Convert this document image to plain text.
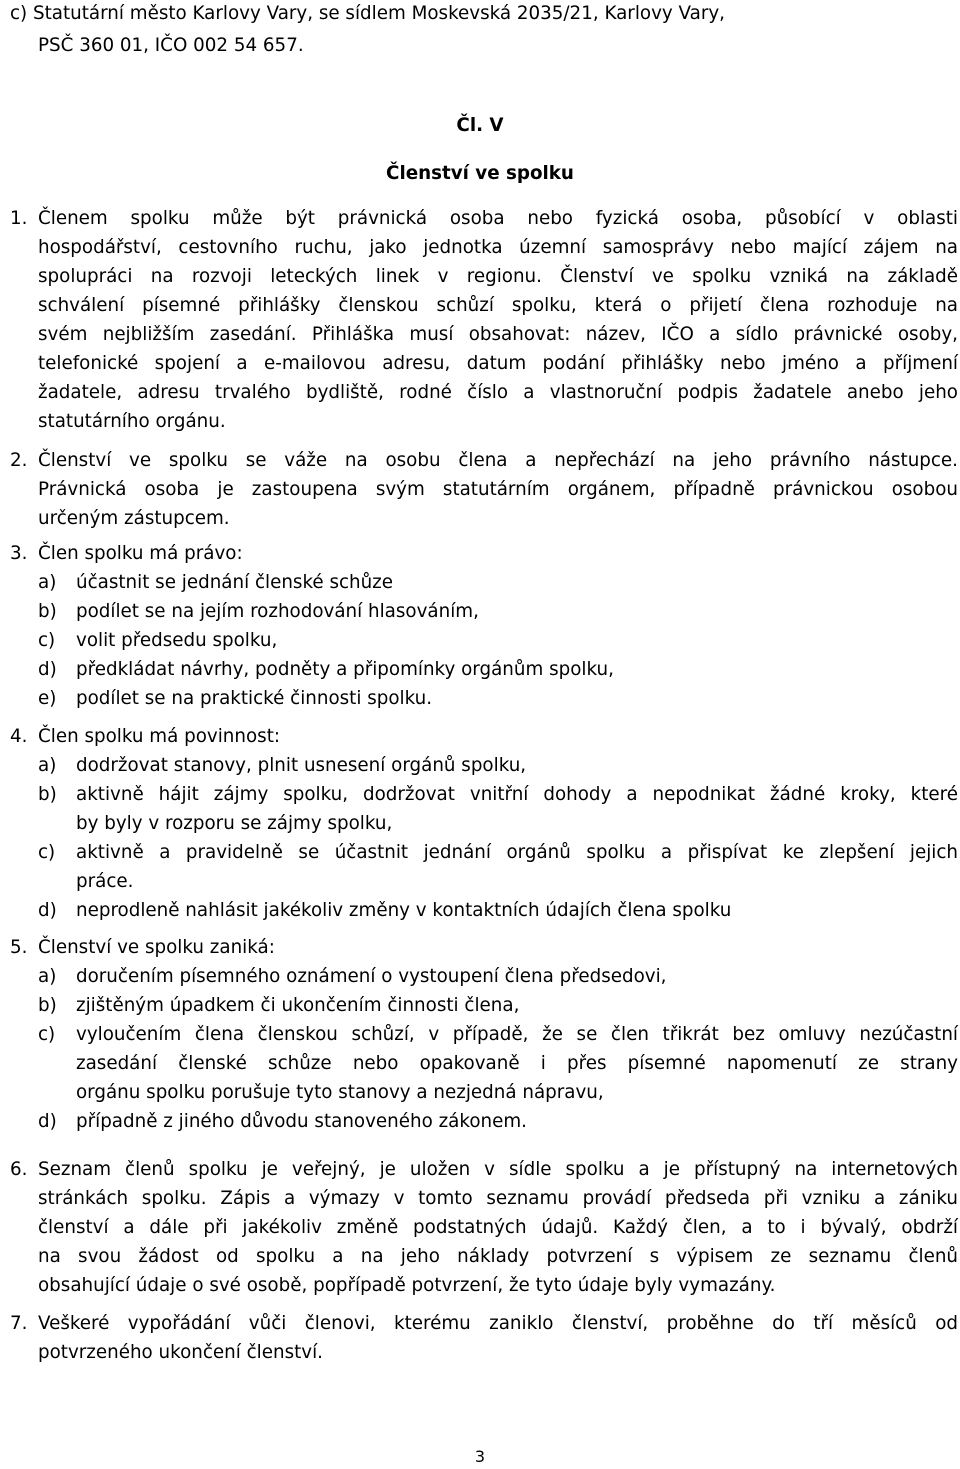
c) Statutární město Karlovy Vary, se sídlem Moskevská 2035/21, Karlovy Vary,
PSČ 360 01, IČO 002 54 657.
Čl. V
Členství ve spolku
1. Členem spolku může být právnická osoba nebo fyzická osoba, působící v oblasti
hospodářství, cestovního ruchu, jako jednotka územní samosprávy nebo mající zájem na
spolupráci na rozvoji leteckých linek v regionu. Členství ve spolku vzniká na základě
schválení písemné přihlášky členskou schůzí spolku, která o přijetí člena rozhoduje na
svém nejbližším zasedání. Přihláška musí obsahovat: název, IČO a sídlo právnické osoby,
telefonické spojení a e-mailovou adresu, datum podání přihlášky nebo jméno a příjmení
žadatele, adresu trvalého bydliště, rodné číslo a vlastnoruční podpis žadatele anebo jeho
statutárního orgánu.
2. Členství ve spolku se váže na osobu člena a nepřechází na jeho právního nástupce.
Právnická osoba je zastoupena svým statutárním orgánem, případně právnickou osobou
určeným zástupcem.
3. Člen spolku má právo:
a) účastnit se jednání členské schůze
b) podílet se na jejím rozhodování hlasováním,
c) volit předsedu spolku,
d) předkládat návrhy, podněty a připomínky orgánům spolku,
e) podílet se na praktické činnosti spolku.
4. Člen spolku má povinnost:
a) dodržovat stanovy, plnit usnesení orgánů spolku,
b) aktivně hájit zájmy spolku, dodržovat vnitřní dohody a nepodnikat žádné kroky, které
by byly v rozporu se zájmy spolku,
c) aktivně a pravidelně se účastnit jednání orgánů spolku a přispívat ke zlepšení jejich
práce.
d) neprodleně nahlásit jakékoliv změny v kontaktních údajích člena spolku
5. Členství ve spolku zaniká:
a) doručením písemného oznámení o vystoupení člena předsedovi,
b) zjištěným úpadkem či ukončením činnosti člena,
c) vyloučením člena členskou schůzí, v případě, že se člen třikrát bez omluvy nezúčastní
zasedání členské schůze nebo opakovaně i přes písemné napomenutí ze strany
orgánu spolku porušuje tyto stanovy a nezjedná nápravu,
d) případně z jiného důvodu stanoveného zákonem.
6. Seznam členů spolku je veřejný, je uložen v sídle spolku a je přístupný na internetových
stránkách spolku. Zápis a výmazy v tomto seznamu provádí předseda při vzniku a zániku
členství a dále při jakékoliv změně podstatných údajů. Každý člen, a to i bývalý, obdrží
na svou žádost od spolku a na jeho náklady potvrzení s výpisem ze seznamu členů
obsahující údaje o své osobě, popřípadě potvrzení, že tyto údaje byly vymazány.
7. Veškeré vypořádání vůči členovi, kterému zaniklo členství, proběhne do tří měsíců od
potvrzeného ukončení členství.
3
